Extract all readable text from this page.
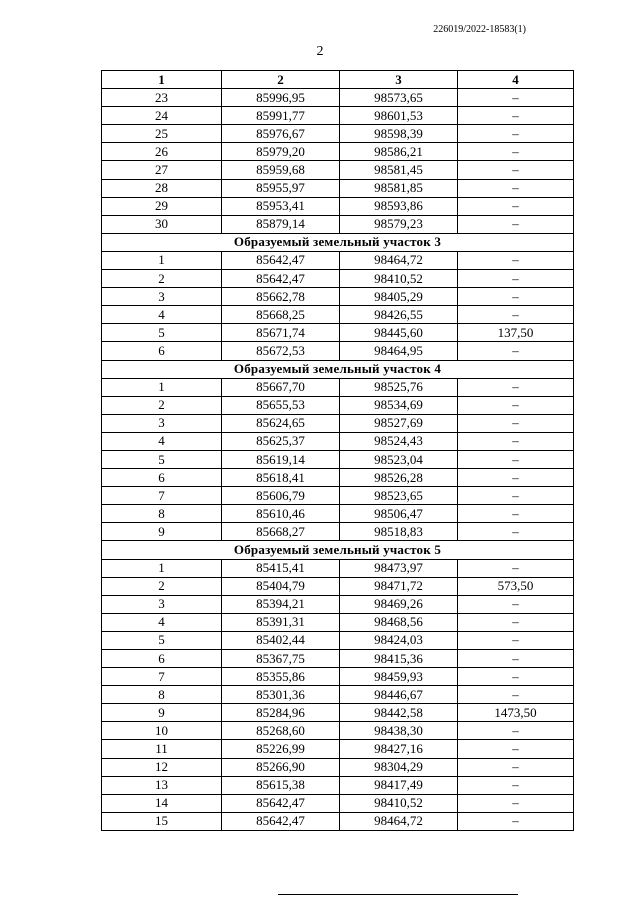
226019/2022-18583(1)
2
1	2	3	4
23	85996,95	98573,65	–
24	85991,77	98601,53	–
25	85976,67	98598,39	–
26	85979,20	98586,21	–
27	85959,68	98581,45	–
28	85955,97	98581,85	–
29	85953,41	98593,86	–
30	85879,14	98579,23	–
Образуемый земельный участок 3			
1	85642,47	98464,72	–
2	85642,47	98410,52	–
3	85662,78	98405,29	–
4	85668,25	98426,55	–
5	85671,74	98445,60	137,50
6	85672,53	98464,95	–
Образуемый земельный участок 4			
1	85667,70	98525,76	–
2	85655,53	98534,69	–
3	85624,65	98527,69	–
4	85625,37	98524,43	–
5	85619,14	98523,04	–
6	85618,41	98526,28	–
7	85606,79	98523,65	–
8	85610,46	98506,47	–
9	85668,27	98518,83	–
Образуемый земельный участок 5			
1	85415,41	98473,97	–
2	85404,79	98471,72	573,50
3	85394,21	98469,26	–
4	85391,31	98468,56	–
5	85402,44	98424,03	–
6	85367,75	98415,36	–
7	85355,86	98459,93	–
8	85301,36	98446,67	–
9	85284,96	98442,58	1473,50
10	85268,60	98438,30	–
11	85226,99	98427,16	–
12	85266,90	98304,29	–
13	85615,38	98417,49	–
14	85642,47	98410,52	–
15	85642,47	98464,72	–
